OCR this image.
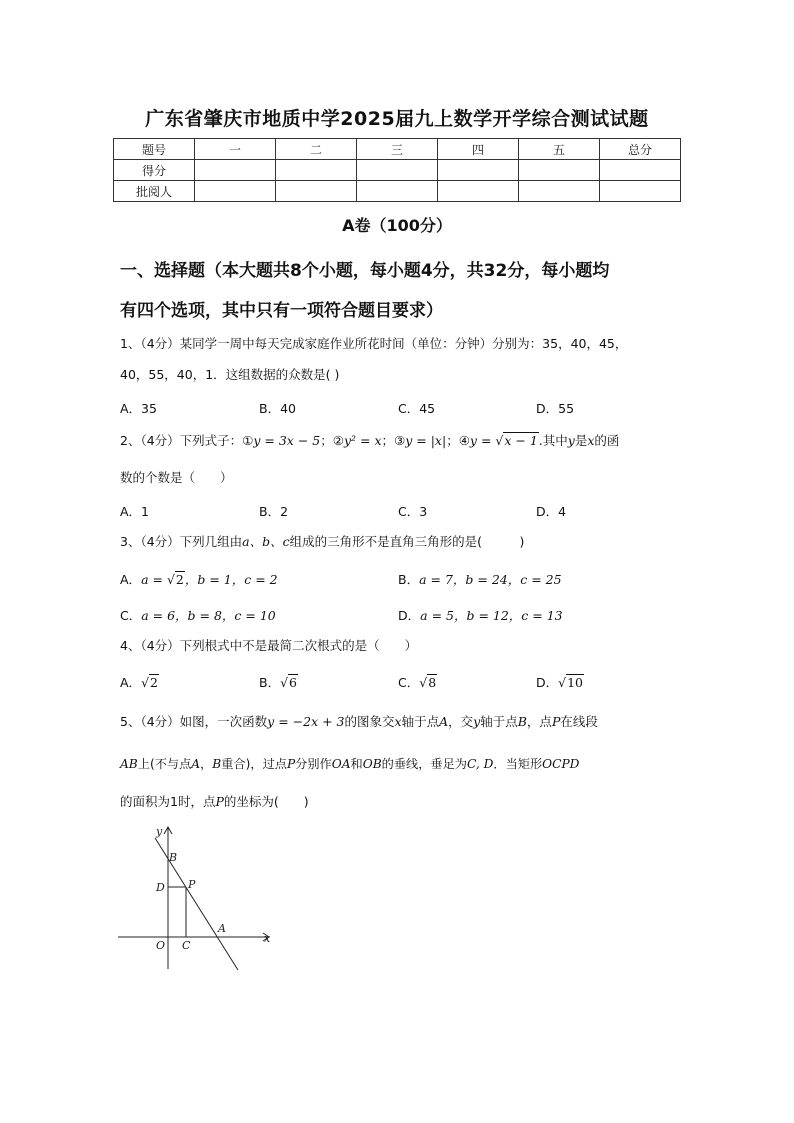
广东省肇庆市地质中学2025届九上数学开学综合测试试题
题号	一	二	三	四	五	总分
得分						
批阅人						
A卷（100分）
一、选择题（本大题共8个小题，每小题4分，共32分，每小题均
有四个选项，其中只有一项符合题目要求）
1、（4分）某同学一周中每天完成家庭作业所花时间（单位：分钟）分别为：35，40，45，
40，55，40，1．这组数据的众数是( )
A．35	B．40	C．45	D．55
2、（4分）下列式子：①y = 3x − 5；②y² = x；③y = |x|；④y = √x − 1.其中y是x的函
数的个数是（　　）
A．1	B．2	C．3	D．4
3、（4分）下列几组由a、b、c组成的三角形不是直角三角形的是(　　　)
A．a = √2，b = 1，c = 2	B．a = 7，b = 24，c = 25
C．a = 6，b = 8，c = 10	D．a = 5，b = 12，c = 13
4、（4分）下列根式中不是最简二次根式的是（　　）
A．√2	B．√6	C．√8	D．√10
5、（4分）如图，一次函数y = −2x + 3的图象交x轴于点A，交y轴于点B，点P在线段
AB上(不与点A，B重合)，过点P分别作OA和OB的垂线，垂足为C, D．当矩形OCPD
的面积为1时，点P的坐标为(　　)
y
x
O
B
D P
C
A
